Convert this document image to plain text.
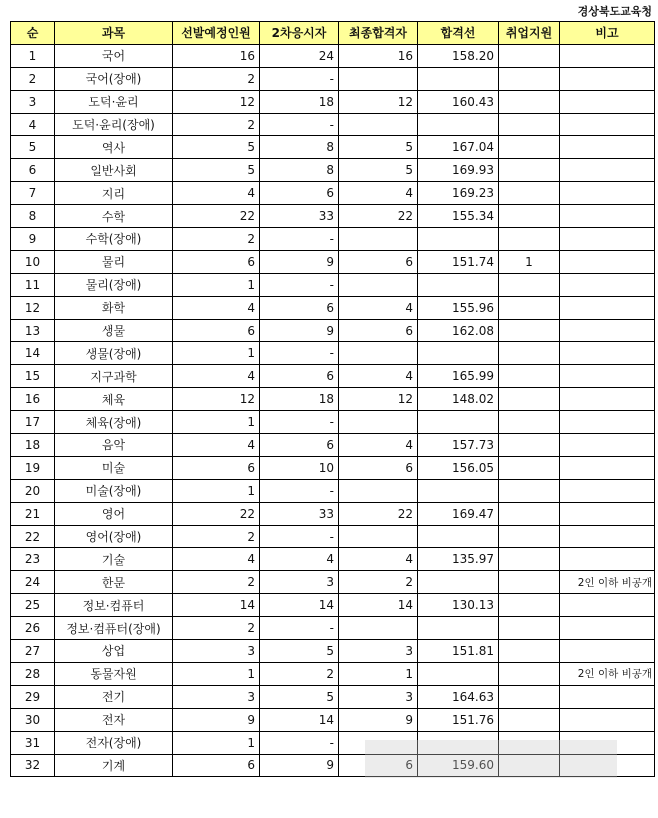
경상북도교육청
순	과목	선발예정인원	2차응시자	최종합격자	합격선	취업지원	비고
1	국어	16	24	16	158.20		
2	국어(장애)	2	-				
3	도덕·윤리	12	18	12	160.43		
4	도덕·윤리(장애)	2	-				
5	역사	5	8	5	167.04		
6	일반사회	5	8	5	169.93		
7	지리	4	6	4	169.23		
8	수학	22	33	22	155.34		
9	수학(장애)	2	-				
10	물리	6	9	6	151.74	1	
11	물리(장애)	1	-				
12	화학	4	6	4	155.96		
13	생물	6	9	6	162.08		
14	생물(장애)	1	-				
15	지구과학	4	6	4	165.99		
16	체육	12	18	12	148.02		
17	체육(장애)	1	-				
18	음악	4	6	4	157.73		
19	미술	6	10	6	156.05		
20	미술(장애)	1	-				
21	영어	22	33	22	169.47		
22	영어(장애)	2	-				
23	기술	4	4	4	135.97		
24	한문	2	3	2			2인 이하 비공개
25	정보·컴퓨터	14	14	14	130.13		
26	정보·컴퓨터(장애)	2	-				
27	상업	3	5	3	151.81		
28	동물자원	1	2	1			2인 이하 비공개
29	전기	3	5	3	164.63		
30	전자	9	14	9	151.76		
31	전자(장애)	1	-				
32	기계	6	9	6	159.60		
